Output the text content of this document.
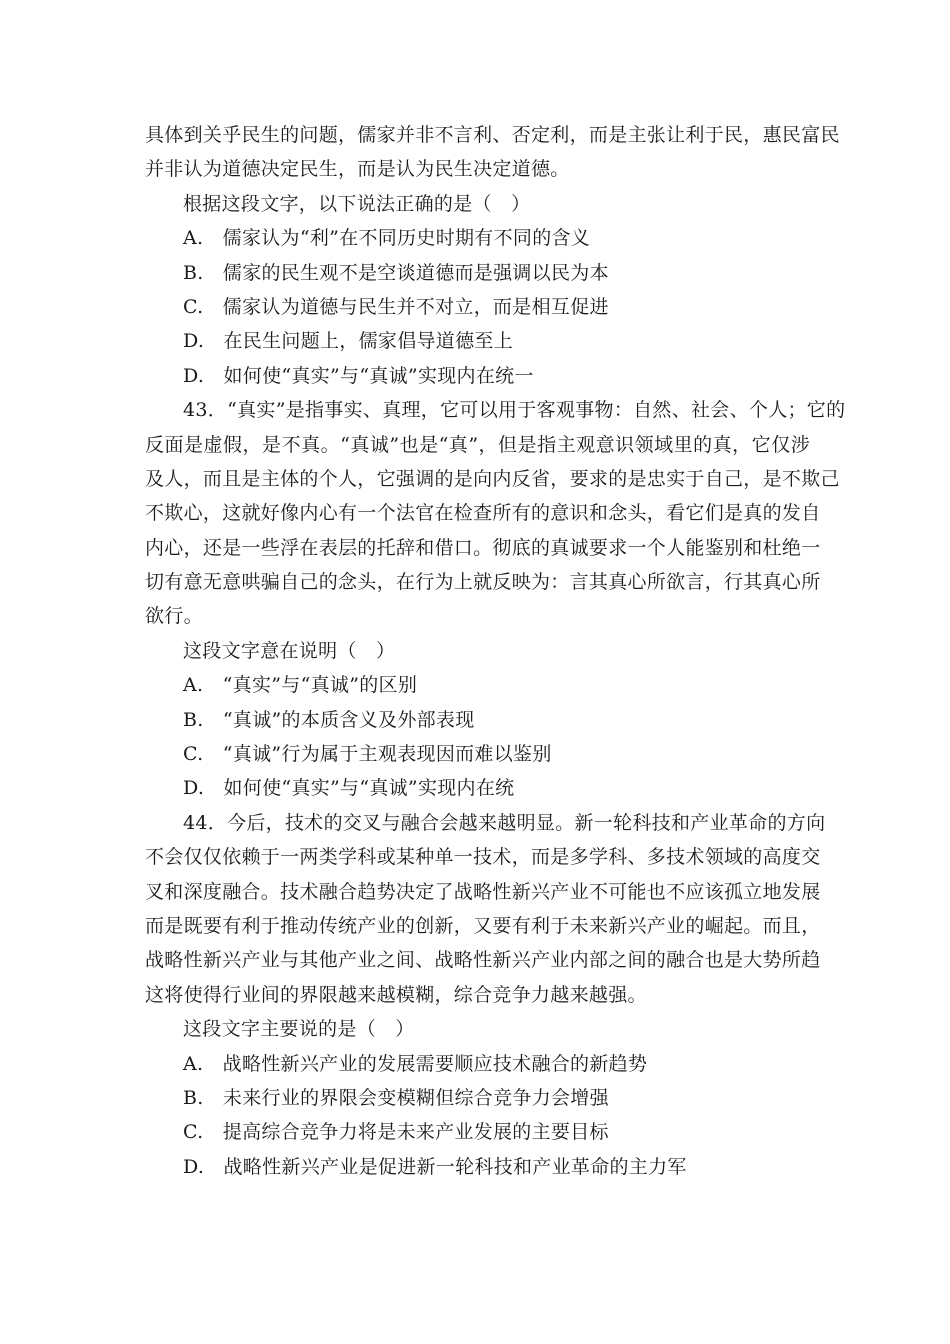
具体到关乎民生的问题，儒家并非不言利、否定利，而是主张让利于民，惠民富民
并非认为道德决定民生，而是认为民生决定道德。
根据这段文字，以下说法正确的是（　）
A.　儒家认为“利”在不同历史时期有不同的含义
B.　儒家的民生观不是空谈道德而是强调以民为本
C.　儒家认为道德与民生并不对立，而是相互促进
D.　在民生问题上，儒家倡导道德至上
D.　如何使“真实”与“真诚”实现内在统一
43．“真实”是指事实、真理，它可以用于客观事物：自然、社会、个人；它的
反面是虚假，是不真。“真诚”也是“真”，但是指主观意识领域里的真，它仅涉
及人，而且是主体的个人，它强调的是向内反省，要求的是忠实于自己，是不欺己
不欺心，这就好像内心有一个法官在检查所有的意识和念头，看它们是真的发自
内心，还是一些浮在表层的托辞和借口。彻底的真诚要求一个人能鉴别和杜绝一
切有意无意哄骗自己的念头，在行为上就反映为：言其真心所欲言，行其真心所
欲行。
这段文字意在说明（　）
A.　“真实”与“真诚”的区别
B.　“真诚”的本质含义及外部表现
C.　“真诚”行为属于主观表现因而难以鉴别
D.　如何使“真实”与“真诚”实现内在统
44．今后，技术的交叉与融合会越来越明显。新一轮科技和产业革命的方向
不会仅仅依赖于一两类学科或某种单一技术，而是多学科、多技术领域的高度交
叉和深度融合。技术融合趋势决定了战略性新兴产业不可能也不应该孤立地发展
而是既要有利于推动传统产业的创新，又要有利于未来新兴产业的崛起。而且，
战略性新兴产业与其他产业之间、战略性新兴产业内部之间的融合也是大势所趋
这将使得行业间的界限越来越模糊，综合竞争力越来越强。
这段文字主要说的是（　）
A.　战略性新兴产业的发展需要顺应技术融合的新趋势
B.　未来行业的界限会变模糊但综合竞争力会增强
C.　提高综合竞争力将是未来产业发展的主要目标
D.　战略性新兴产业是促进新一轮科技和产业革命的主力军
